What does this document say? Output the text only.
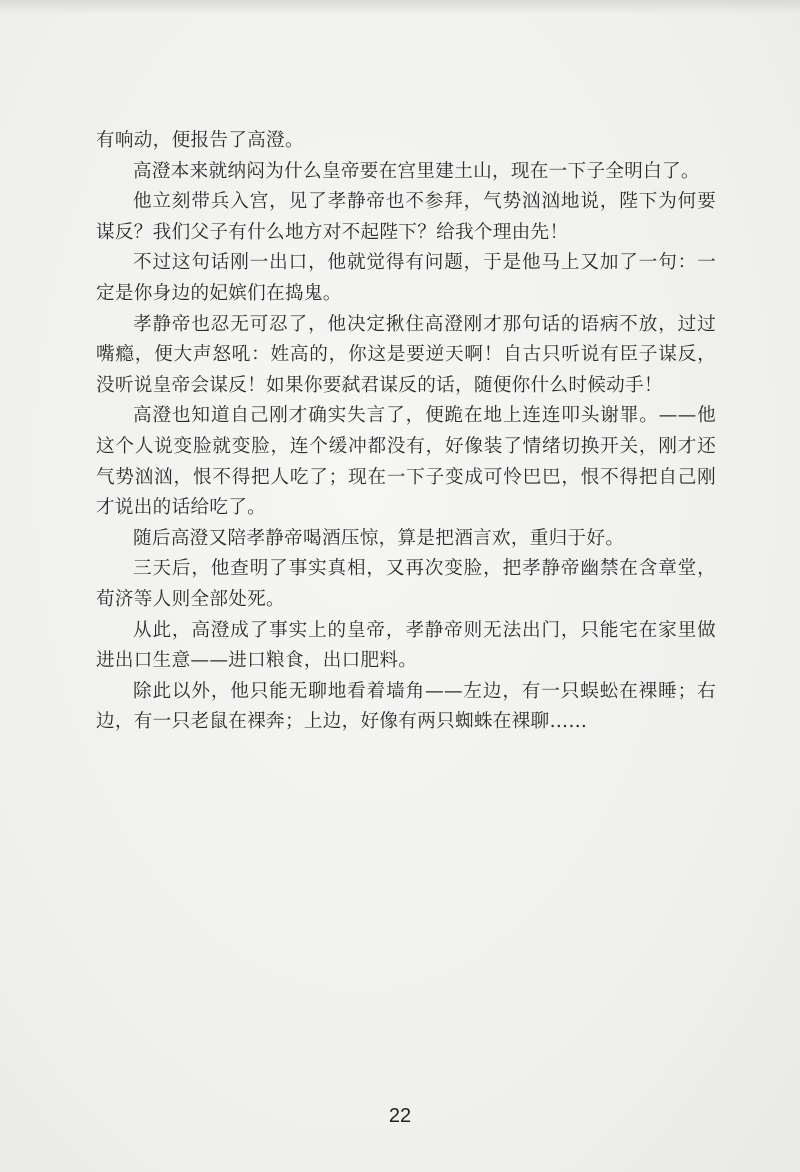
有响动，便报告了高澄。

高澄本来就纳闷为什么皇帝要在宫里建土山，现在一下子全明白了。

他立刻带兵入宫，见了孝静帝也不参拜，气势汹汹地说，陛下为何要谋反？我们父子有什么地方对不起陛下？给我个理由先！

不过这句话刚一出口，他就觉得有问题，于是他马上又加了一句：一定是你身边的妃嫔们在捣鬼。

孝静帝也忍无可忍了，他决定揪住高澄刚才那句话的语病不放，过过嘴瘾，便大声怒吼：姓高的，你这是要逆天啊！自古只听说有臣子谋反，没听说皇帝会谋反！如果你要弑君谋反的话，随便你什么时候动手！

高澄也知道自己刚才确实失言了，便跪在地上连连叩头谢罪。——他这个人说变脸就变脸，连个缓冲都没有，好像装了情绪切换开关，刚才还气势汹汹，恨不得把人吃了；现在一下子变成可怜巴巴，恨不得把自己刚才说出的话给吃了。

随后高澄又陪孝静帝喝酒压惊，算是把酒言欢，重归于好。

三天后，他查明了事实真相，又再次变脸，把孝静帝幽禁在含章堂，荀济等人则全部处死。

从此，高澄成了事实上的皇帝，孝静帝则无法出门，只能宅在家里做进出口生意——进口粮食，出口肥料。

除此以外，他只能无聊地看着墙角——左边，有一只蜈蚣在裸睡；右边，有一只老鼠在裸奔；上边，好像有两只蜘蛛在裸聊……

22
